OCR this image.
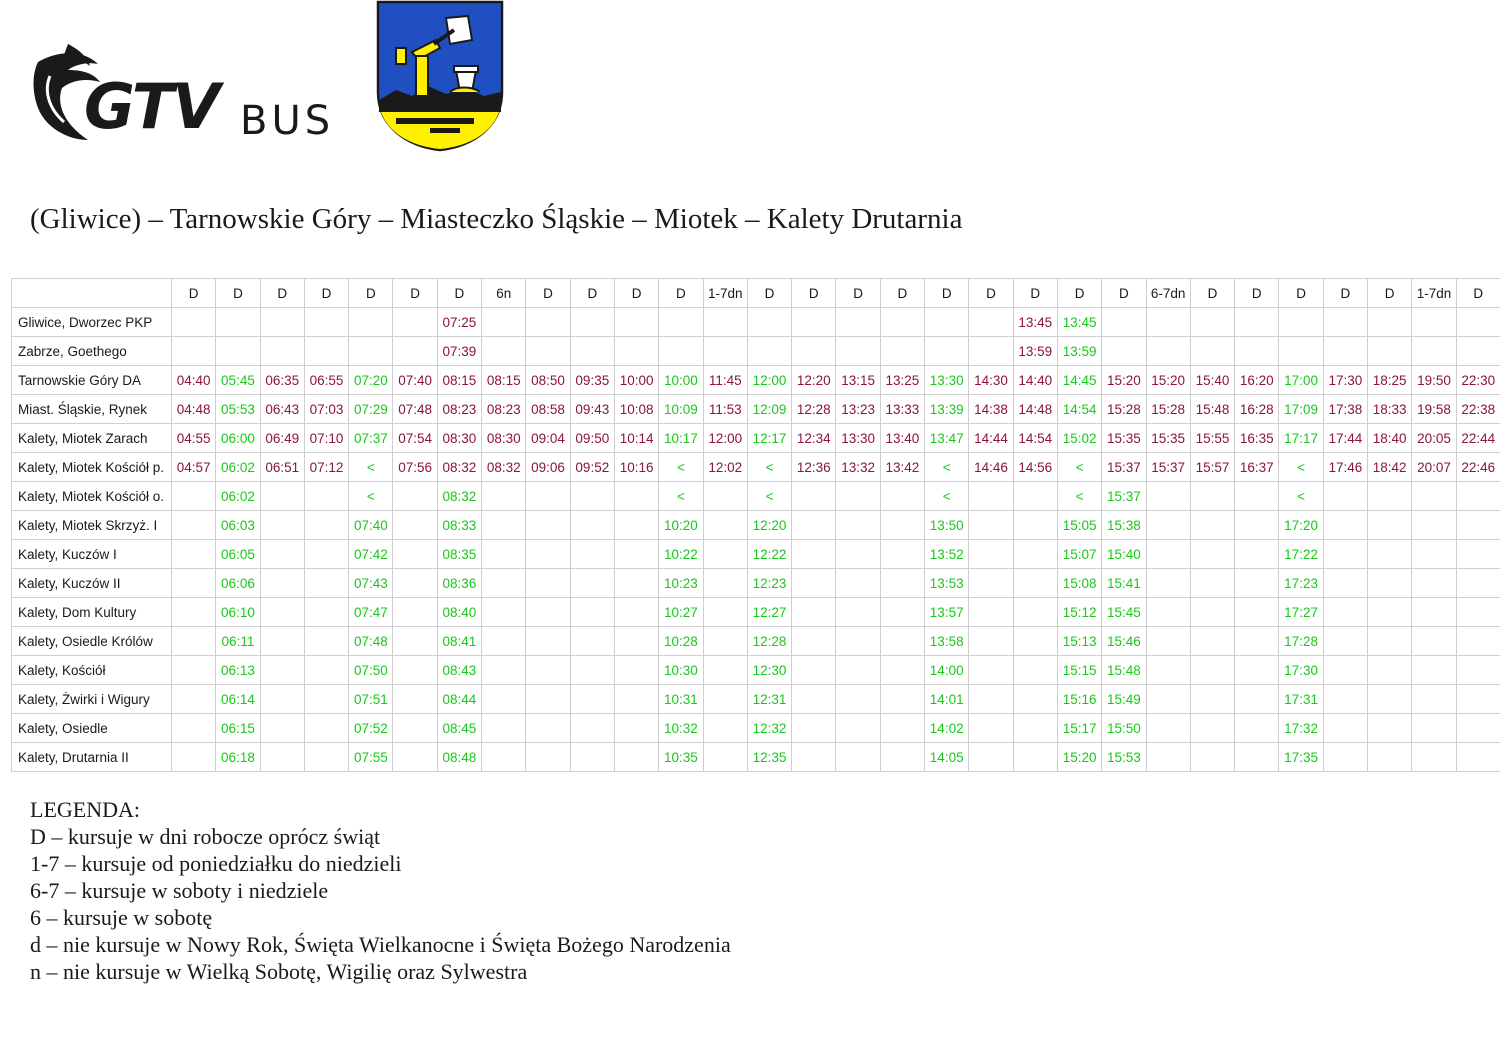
GTV BUS
(Gliwice) – Tarnowskie Góry – Miasteczko Śląskie – Miotek – Kalety Drutarnia
	D	D	D	D	D	D	D	6n	D	D	D	D	1-7dn	D	D	D	D	D	D	D	D	D	6-7dn	D	D	D	D	D	1-7dn	D
Gliwice, Dworzec PKP							07:25													13:45	13:45									
Zabrze, Goethego							07:39													13:59	13:59									
Tarnowskie Góry DA	04:40	05:45	06:35	06:55	07:20	07:40	08:15	08:15	08:50	09:35	10:00	10:00	11:45	12:00	12:20	13:15	13:25	13:30	14:30	14:40	14:45	15:20	15:20	15:40	16:20	17:00	17:30	18:25	19:50	22:30
Miast. Śląskie, Rynek	04:48	05:53	06:43	07:03	07:29	07:48	08:23	08:23	08:58	09:43	10:08	10:09	11:53	12:09	12:28	13:23	13:33	13:39	14:38	14:48	14:54	15:28	15:28	15:48	16:28	17:09	17:38	18:33	19:58	22:38
Kalety, Miotek Zarach	04:55	06:00	06:49	07:10	07:37	07:54	08:30	08:30	09:04	09:50	10:14	10:17	12:00	12:17	12:34	13:30	13:40	13:47	14:44	14:54	15:02	15:35	15:35	15:55	16:35	17:17	17:44	18:40	20:05	22:44
Kalety, Miotek Kościół p.	04:57	06:02	06:51	07:12	<	07:56	08:32	08:32	09:06	09:52	10:16	<	12:02	<	12:36	13:32	13:42	<	14:46	14:56	<	15:37	15:37	15:57	16:37	<	17:46	18:42	20:07	22:46
Kalety, Miotek Kościół o.		06:02			<		08:32					<		<				<			<	15:37				<				
Kalety, Miotek Skrzyż. I		06:03			07:40		08:33					10:20		12:20				13:50			15:05	15:38				17:20				
Kalety, Kuczów I		06:05			07:42		08:35					10:22		12:22				13:52			15:07	15:40				17:22				
Kalety, Kuczów II		06:06			07:43		08:36					10:23		12:23				13:53			15:08	15:41				17:23				
Kalety, Dom Kultury		06:10			07:47		08:40					10:27		12:27				13:57			15:12	15:45				17:27				
Kalety, Osiedle Królów		06:11			07:48		08:41					10:28		12:28				13:58			15:13	15:46				17:28				
Kalety, Kościół		06:13			07:50		08:43					10:30		12:30				14:00			15:15	15:48				17:30				
Kalety, Żwirki i Wigury		06:14			07:51		08:44					10:31		12:31				14:01			15:16	15:49				17:31				
Kalety, Osiedle		06:15			07:52		08:45					10:32		12:32				14:02			15:17	15:50				17:32				
Kalety, Drutarnia II		06:18			07:55		08:48					10:35		12:35				14:05			15:20	15:53				17:35				
LEGENDA:
D – kursuje w dni robocze oprócz świąt
1-7 – kursuje od poniedziałku do niedzieli
6-7 – kursuje w soboty i niedziele
6 – kursuje w sobotę
d – nie kursuje w Nowy Rok, Święta Wielkanocne i Święta Bożego Narodzenia
n – nie kursuje w Wielką Sobotę, Wigilię oraz Sylwestra
